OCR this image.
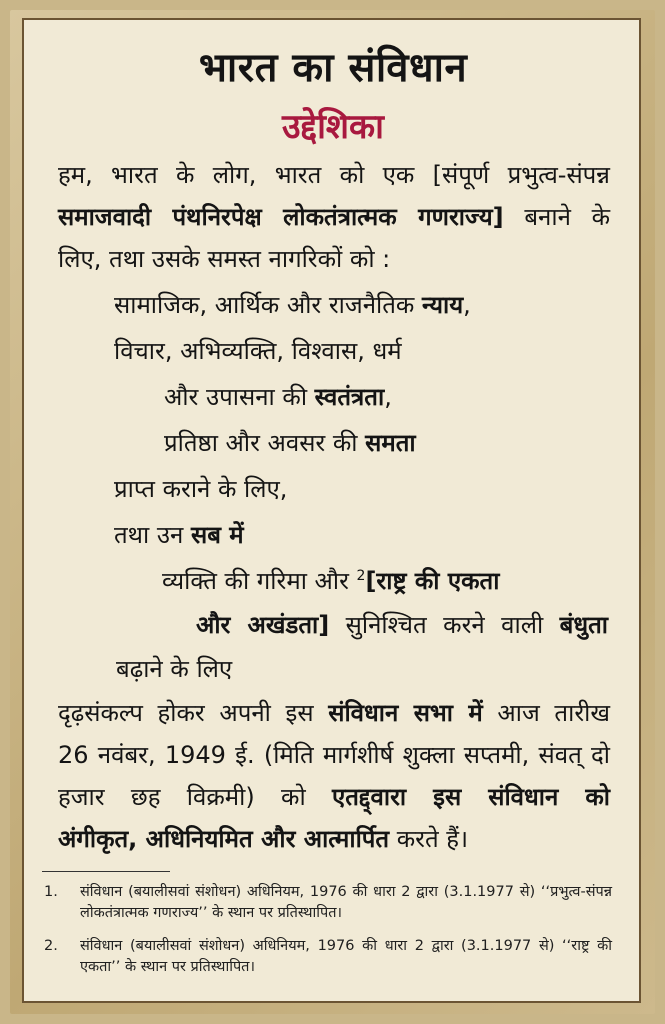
भारत का संविधान
उद्देशिका
हम, भारत के लोग, भारत को एक [संपूर्ण प्रभुत्व-संपन्न
समाजवादी पंथनिरपेक्ष लोकतंत्रात्मक गणराज्य] बनाने के
लिए, तथा उसके समस्त नागरिकों को :
सामाजिक, आर्थिक और राजनैतिक न्याय,
विचार, अभिव्यक्ति, विश्वास, धर्म
और उपासना की स्वतंत्रता,
प्रतिष्ठा और अवसर की समता
प्राप्त कराने के लिए,
तथा उन सब में
व्यक्ति की गरिमा और $^2$[राष्ट्र की एकता
और अखंडता] सुनिश्चित करने वाली बंधुता
बढ़ाने के लिए
दृढ़संकल्प होकर अपनी इस संविधान सभा में आज तारीख
26 नवंबर, 1949 ई. (मिति मार्गशीर्ष शुक्ला सप्तमी, संवत् दो
हजार छह विक्रमी) को एतद्द्वारा इस संविधान को
अंगीकृत, अधिनियमित और आत्मार्पित करते हैं।
1. संविधान (बयालीसवां संशोधन) अधिनियम, 1976 की धारा 2 द्वारा (3.1.1977 से) ‘‘प्रभुत्व-संपन्न लोकतंत्रात्मक गणराज्य’’ के स्थान पर प्रतिस्थापित।
2. संविधान (बयालीसवां संशोधन) अधिनियम, 1976 की धारा 2 द्वारा (3.1.1977 से) ‘‘राष्ट्र की एकता’’ के स्थान पर प्रतिस्थापित।
